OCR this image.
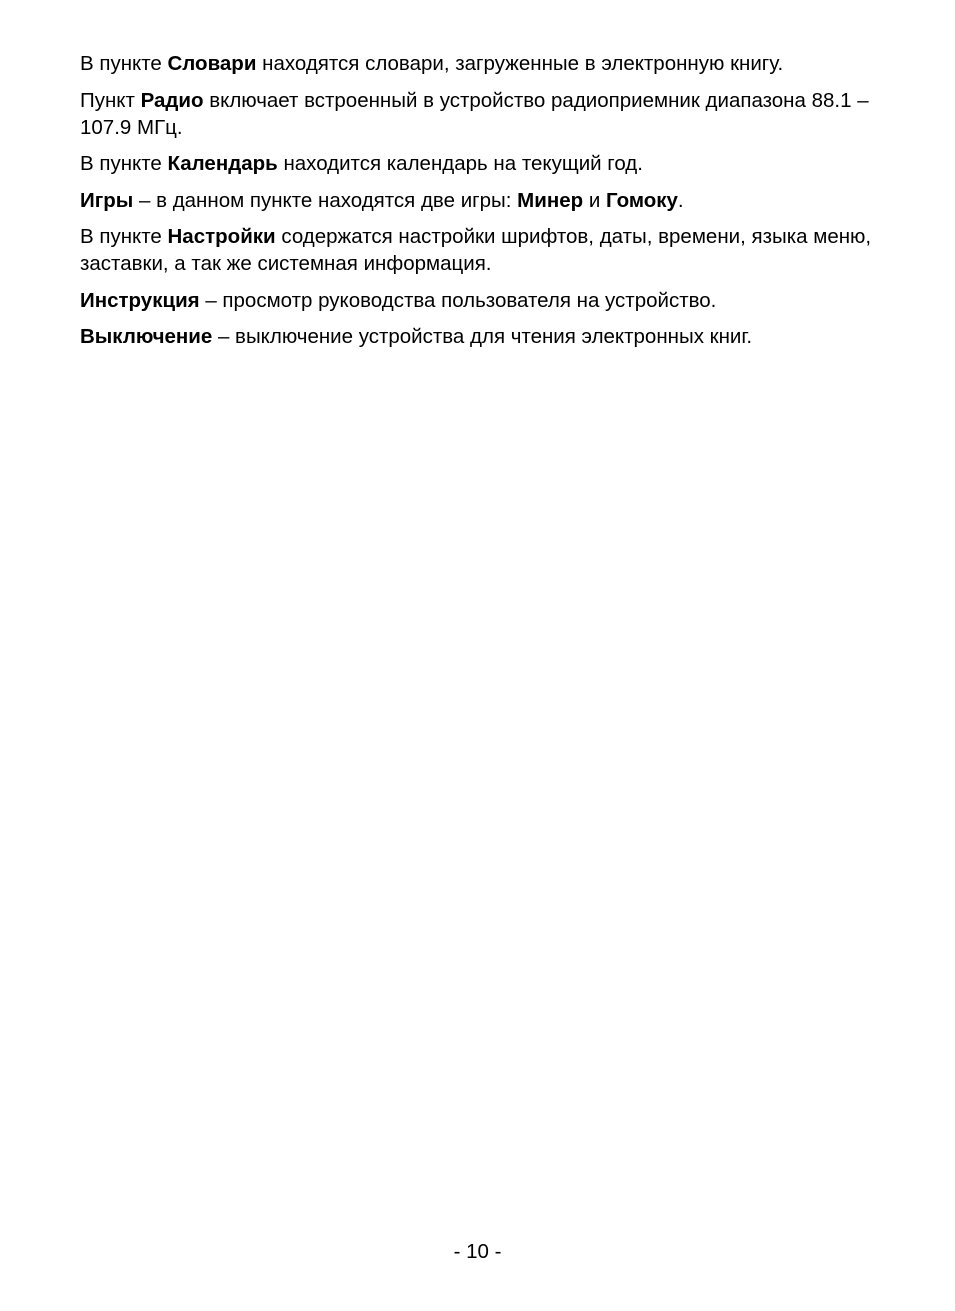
В пункте Словари находятся словари, загруженные в электронную книгу.

Пункт Радио включает встроенный в устройство радиоприемник диапазона 88.1 – 107.9 МГц.

В пункте Календарь находится календарь на текущий год.

Игры – в данном пункте находятся две игры: Минер и Гомоку.

В пункте Настройки содержатся настройки шрифтов, даты, времени, языка меню, заставки, а так же системная информация.

Инструкция – просмотр руководства пользователя на устройство.

Выключение – выключение устройства для чтения электронных книг.

- 10 -
